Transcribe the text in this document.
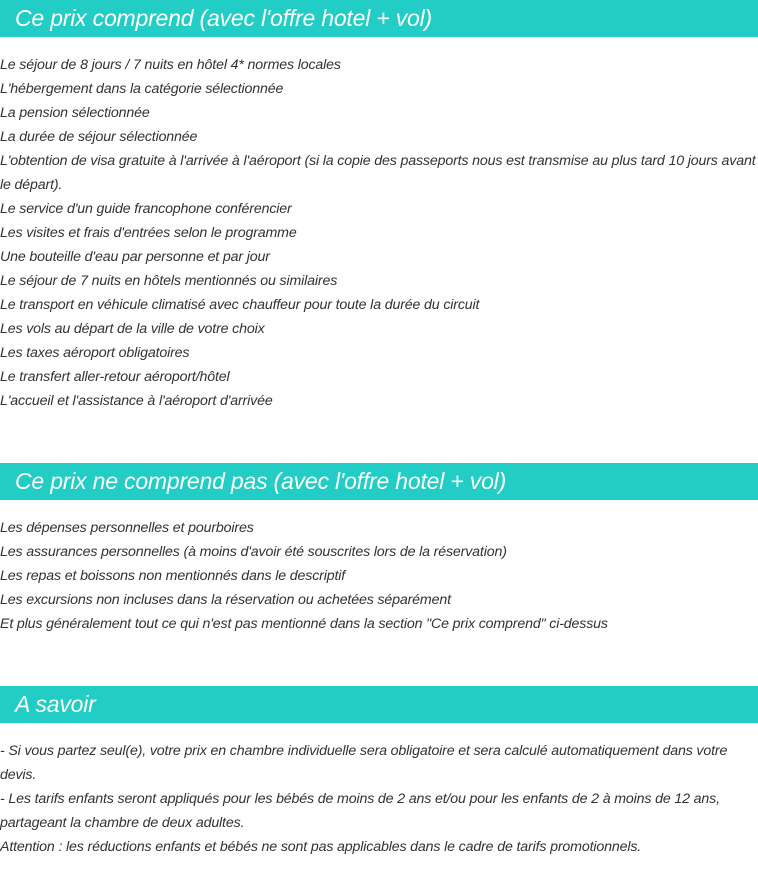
Ce prix comprend (avec l'offre hotel + vol)
Le séjour de 8 jours / 7 nuits en hôtel 4* normes locales
L'hébergement dans la catégorie sélectionnée
La pension sélectionnée
La durée de séjour sélectionnée
L'obtention de visa gratuite à l'arrivée à l'aéroport (si la copie des passeports nous est transmise au plus tard 10 jours avant le départ).
Le service d'un guide francophone conférencier
Les visites et frais d'entrées selon le programme
Une bouteille d'eau par personne et par jour
Le séjour de 7 nuits en hôtels mentionnés ou similaires
Le transport en véhicule climatisé avec chauffeur pour toute la durée du circuit
Les vols au départ de la ville de votre choix
Les taxes aéroport obligatoires
Le transfert aller-retour aéroport/hôtel
L'accueil et l'assistance à l'aéroport d'arrivée
Ce prix ne comprend pas (avec l'offre hotel + vol)
Les dépenses personnelles et pourboires
Les assurances personnelles (à moins d'avoir été souscrites lors de la réservation)
Les repas et boissons non mentionnés dans le descriptif
Les excursions non incluses dans la réservation ou achetées séparément
Et plus généralement tout ce qui n'est pas mentionné dans la section "Ce prix comprend" ci-dessus
A savoir
- Si vous partez seul(e), votre prix en chambre individuelle sera obligatoire et sera calculé automatiquement dans votre devis.
- Les tarifs enfants seront appliqués pour les bébés de moins de 2 ans et/ou pour les enfants de 2 à moins de 12 ans, partageant la chambre de deux adultes.
Attention : les réductions enfants et bébés ne sont pas applicables dans le cadre de tarifs promotionnels.
